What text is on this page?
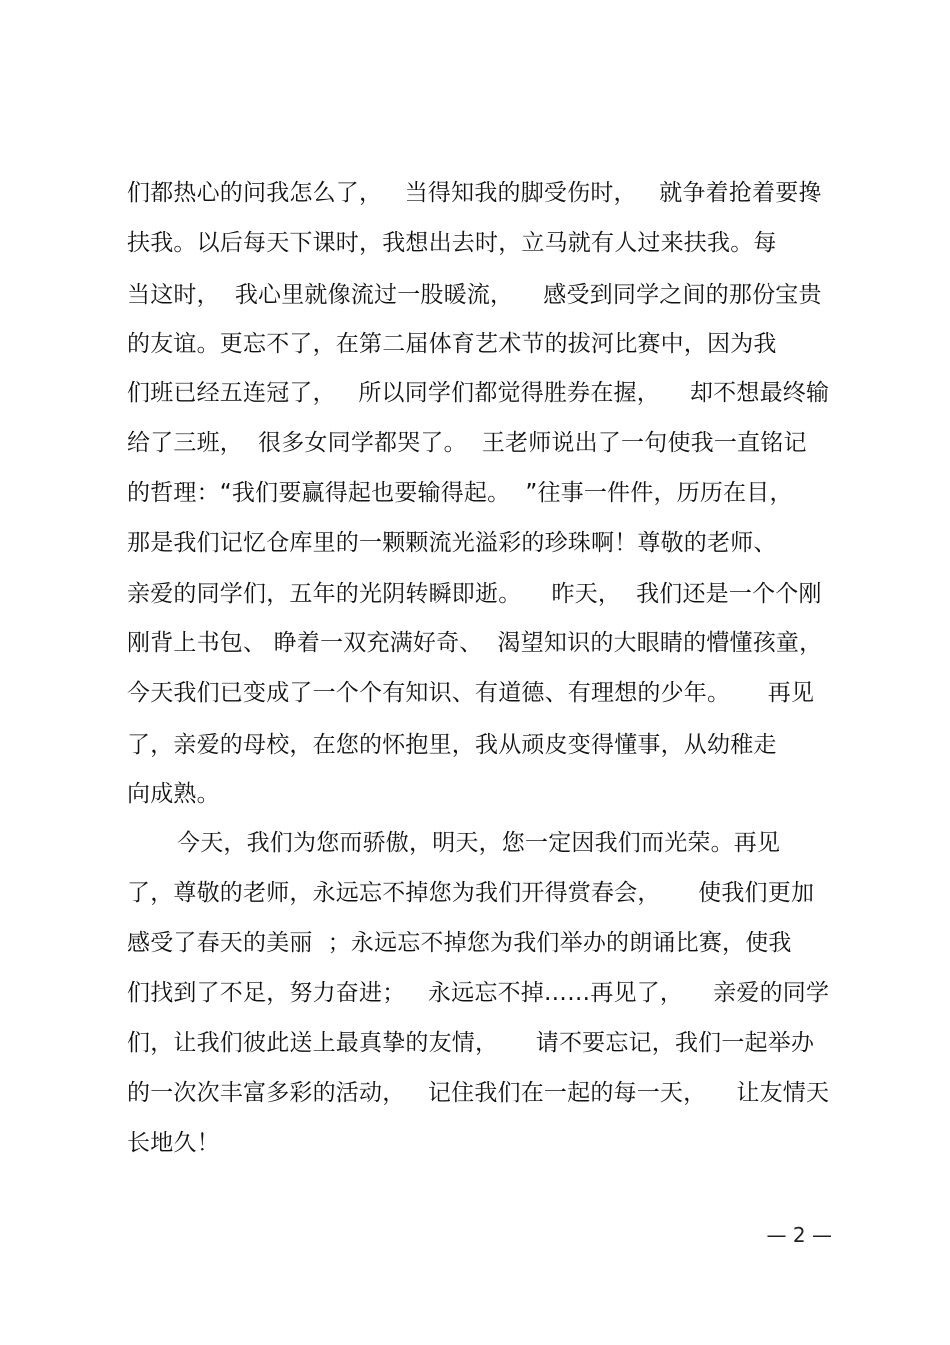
们都热心的问我怎么了，   当得知我的脚受伤时，   就争着抢着要搀
扶我。以后每天下课时，我想出去时，立马就有人过来扶我。每
当这时，  我心里就像流过一股暖流，    感受到同学之间的那份宝贵
的友谊。更忘不了，在第二届体育艺术节的拔河比赛中，因为我
们班已经五连冠了，   所以同学们都觉得胜券在握，    却不想最终输
给了三班，  很多女同学都哭了。  王老师说出了一句使我一直铭记
的哲理：“我们要赢得起也要输得起。  ”往事一件件，历历在目，
那是我们记忆仓库里的一颗颗流光溢彩的珍珠啊！尊敬的老师、
亲爱的同学们，五年的光阴转瞬即逝。    昨天，  我们还是一个个刚
刚背上书包、 睁着一双充满好奇、  渴望知识的大眼睛的懵懂孩童，
今天我们已变成了一个个有知识、有道德、有理想的少年。     再见
了，亲爱的母校，在您的怀抱里，我从顽皮变得懂事，从幼稚走
向成熟。
今天，我们为您而骄傲，明天，您一定因我们而光荣。再见
了，尊敬的老师，永远忘不掉您为我们开得赏春会，     使我们更加
感受了春天的美丽  ；永远忘不掉您为我们举办的朗诵比赛，使我
们找到了不足，努力奋进；   永远忘不掉……再见了，    亲爱的同学
们，让我们彼此送上最真挚的友情，     请不要忘记，我们一起举办
的一次次丰富多彩的活动，   记住我们在一起的每一天，    让友情天
长地久！
— 2 —
